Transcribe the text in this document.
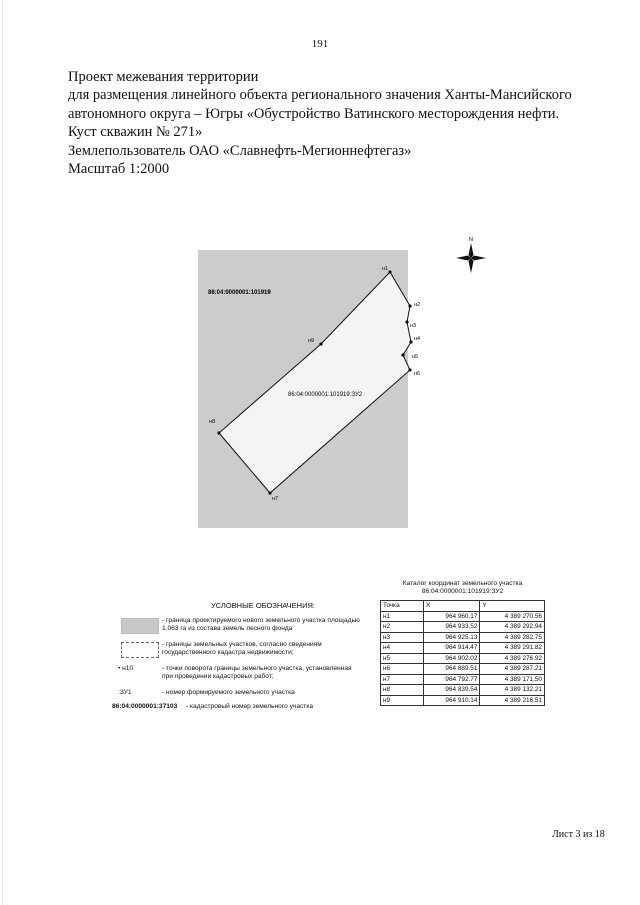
191
Проект межевания территории
для размещения линейного объекта регионального значения Ханты-Мансийского
автономного округа – Югры «Обустройство Ватинского месторождения нефти.
Куст скважин № 271»
Землепользователь ОАО «Славнефть-Мегионнефтегаз»
Масштаб 1:2000
н1
н2
н3
н4
н5
н6
н7
н8
н9
86:04:0000001:101919
86:04:0000001:101919:ЗУ2
N
УСЛОВНЫЕ ОБОЗНАЧЕНИЯ:
- граница проектируемого нового земельного участка площадью 1.063 га из состава земель лесного фонда
- границы земельных участков, согласно сведениям государственного кадастра недвижимости;
• н10	- точки поворота границы земельного участка, установленная при проведении кадастровых работ;
:ЗУ1	- номер формируемого земельного участка
86:04:0000001:37103 - кадастровый номер земельного участка
Каталог координат земельного участка
86:04:0000001:101919:ЗУ2
Точка	X	Y
н1	964 960.17	4 389 270.56
н2	964 933.52	4 389 292.94
н3	964 925.13	4 389 282.75
н4	964 914.47	4 389 291.82
н5	964 902.02	4 389 276.92
н6	964 889.51	4 389 287.21
н7	964 792.77	4 389 171.50
н8	964 839.54	4 389 132.21
н9	964 910.14	4 389 216.51
Лист 3 из 18
